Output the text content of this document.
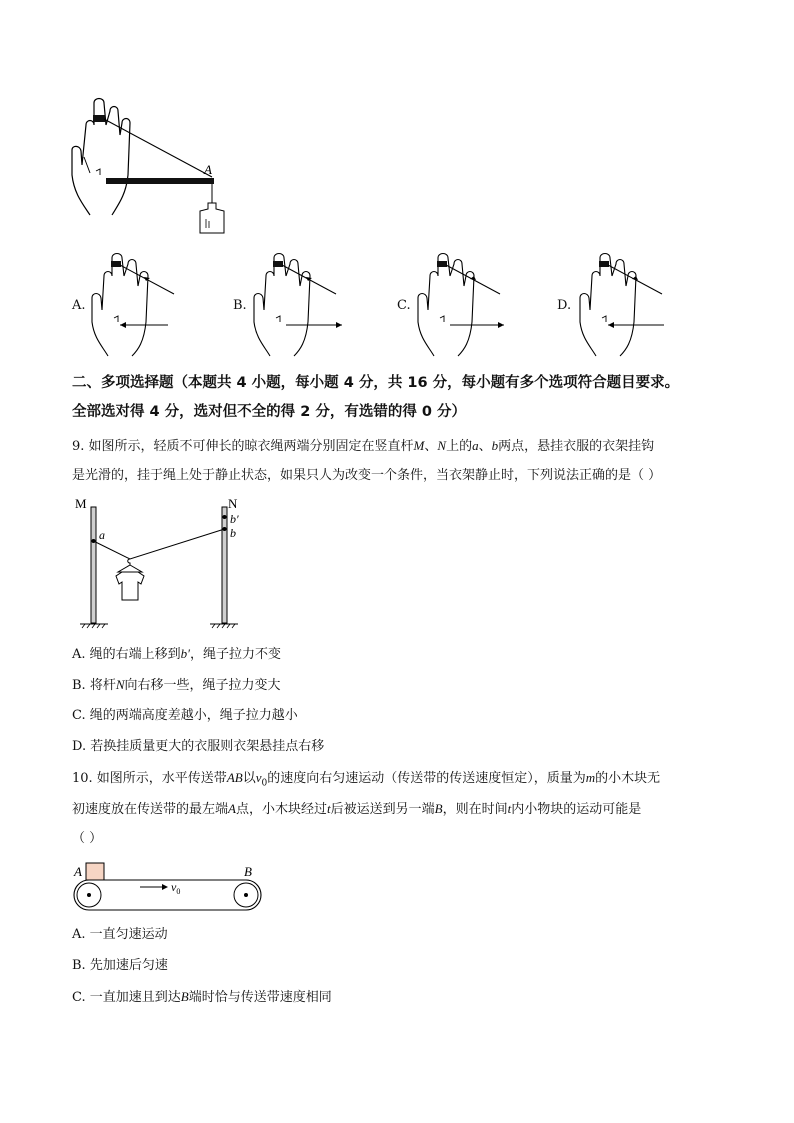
A
A.	B.	C.	D.
二、多项选择题（本题共 4 小题，每小题 4 分，共 16 分，每小题有多个选项符合题目要求。
全部选对得 4 分，选对但不全的得 2 分，有选错的得 0 分）
9. 如图所示，轻质不可伸长的晾衣绳两端分别固定在竖直杆M、N上的a、b两点，悬挂衣服的衣架挂钩
是光滑的，挂于绳上处于静止状态，如果只人为改变一个条件，当衣架静止时，下列说法正确的是（ ）
M	N
a
b′
b
A. 绳的右端上移到b′，绳子拉力不变
B. 将杆N向右移一些，绳子拉力变大
C. 绳的两端高度差越小，绳子拉力越小
D. 若换挂质量更大的衣服则衣架悬挂点右移
10. 如图所示，水平传送带AB以$v_0$的速度向右匀速运动（传送带的传送速度恒定），质量为m的小木块无
初速度放在传送带的最左端A点，小木块经过t后被运送到另一端B，则在时间t内小物块的运动可能是
（ ）
A	B
$v_0$
A. 一直匀速运动
B. 先加速后匀速
C. 一直加速且到达B端时恰与传送带速度相同
